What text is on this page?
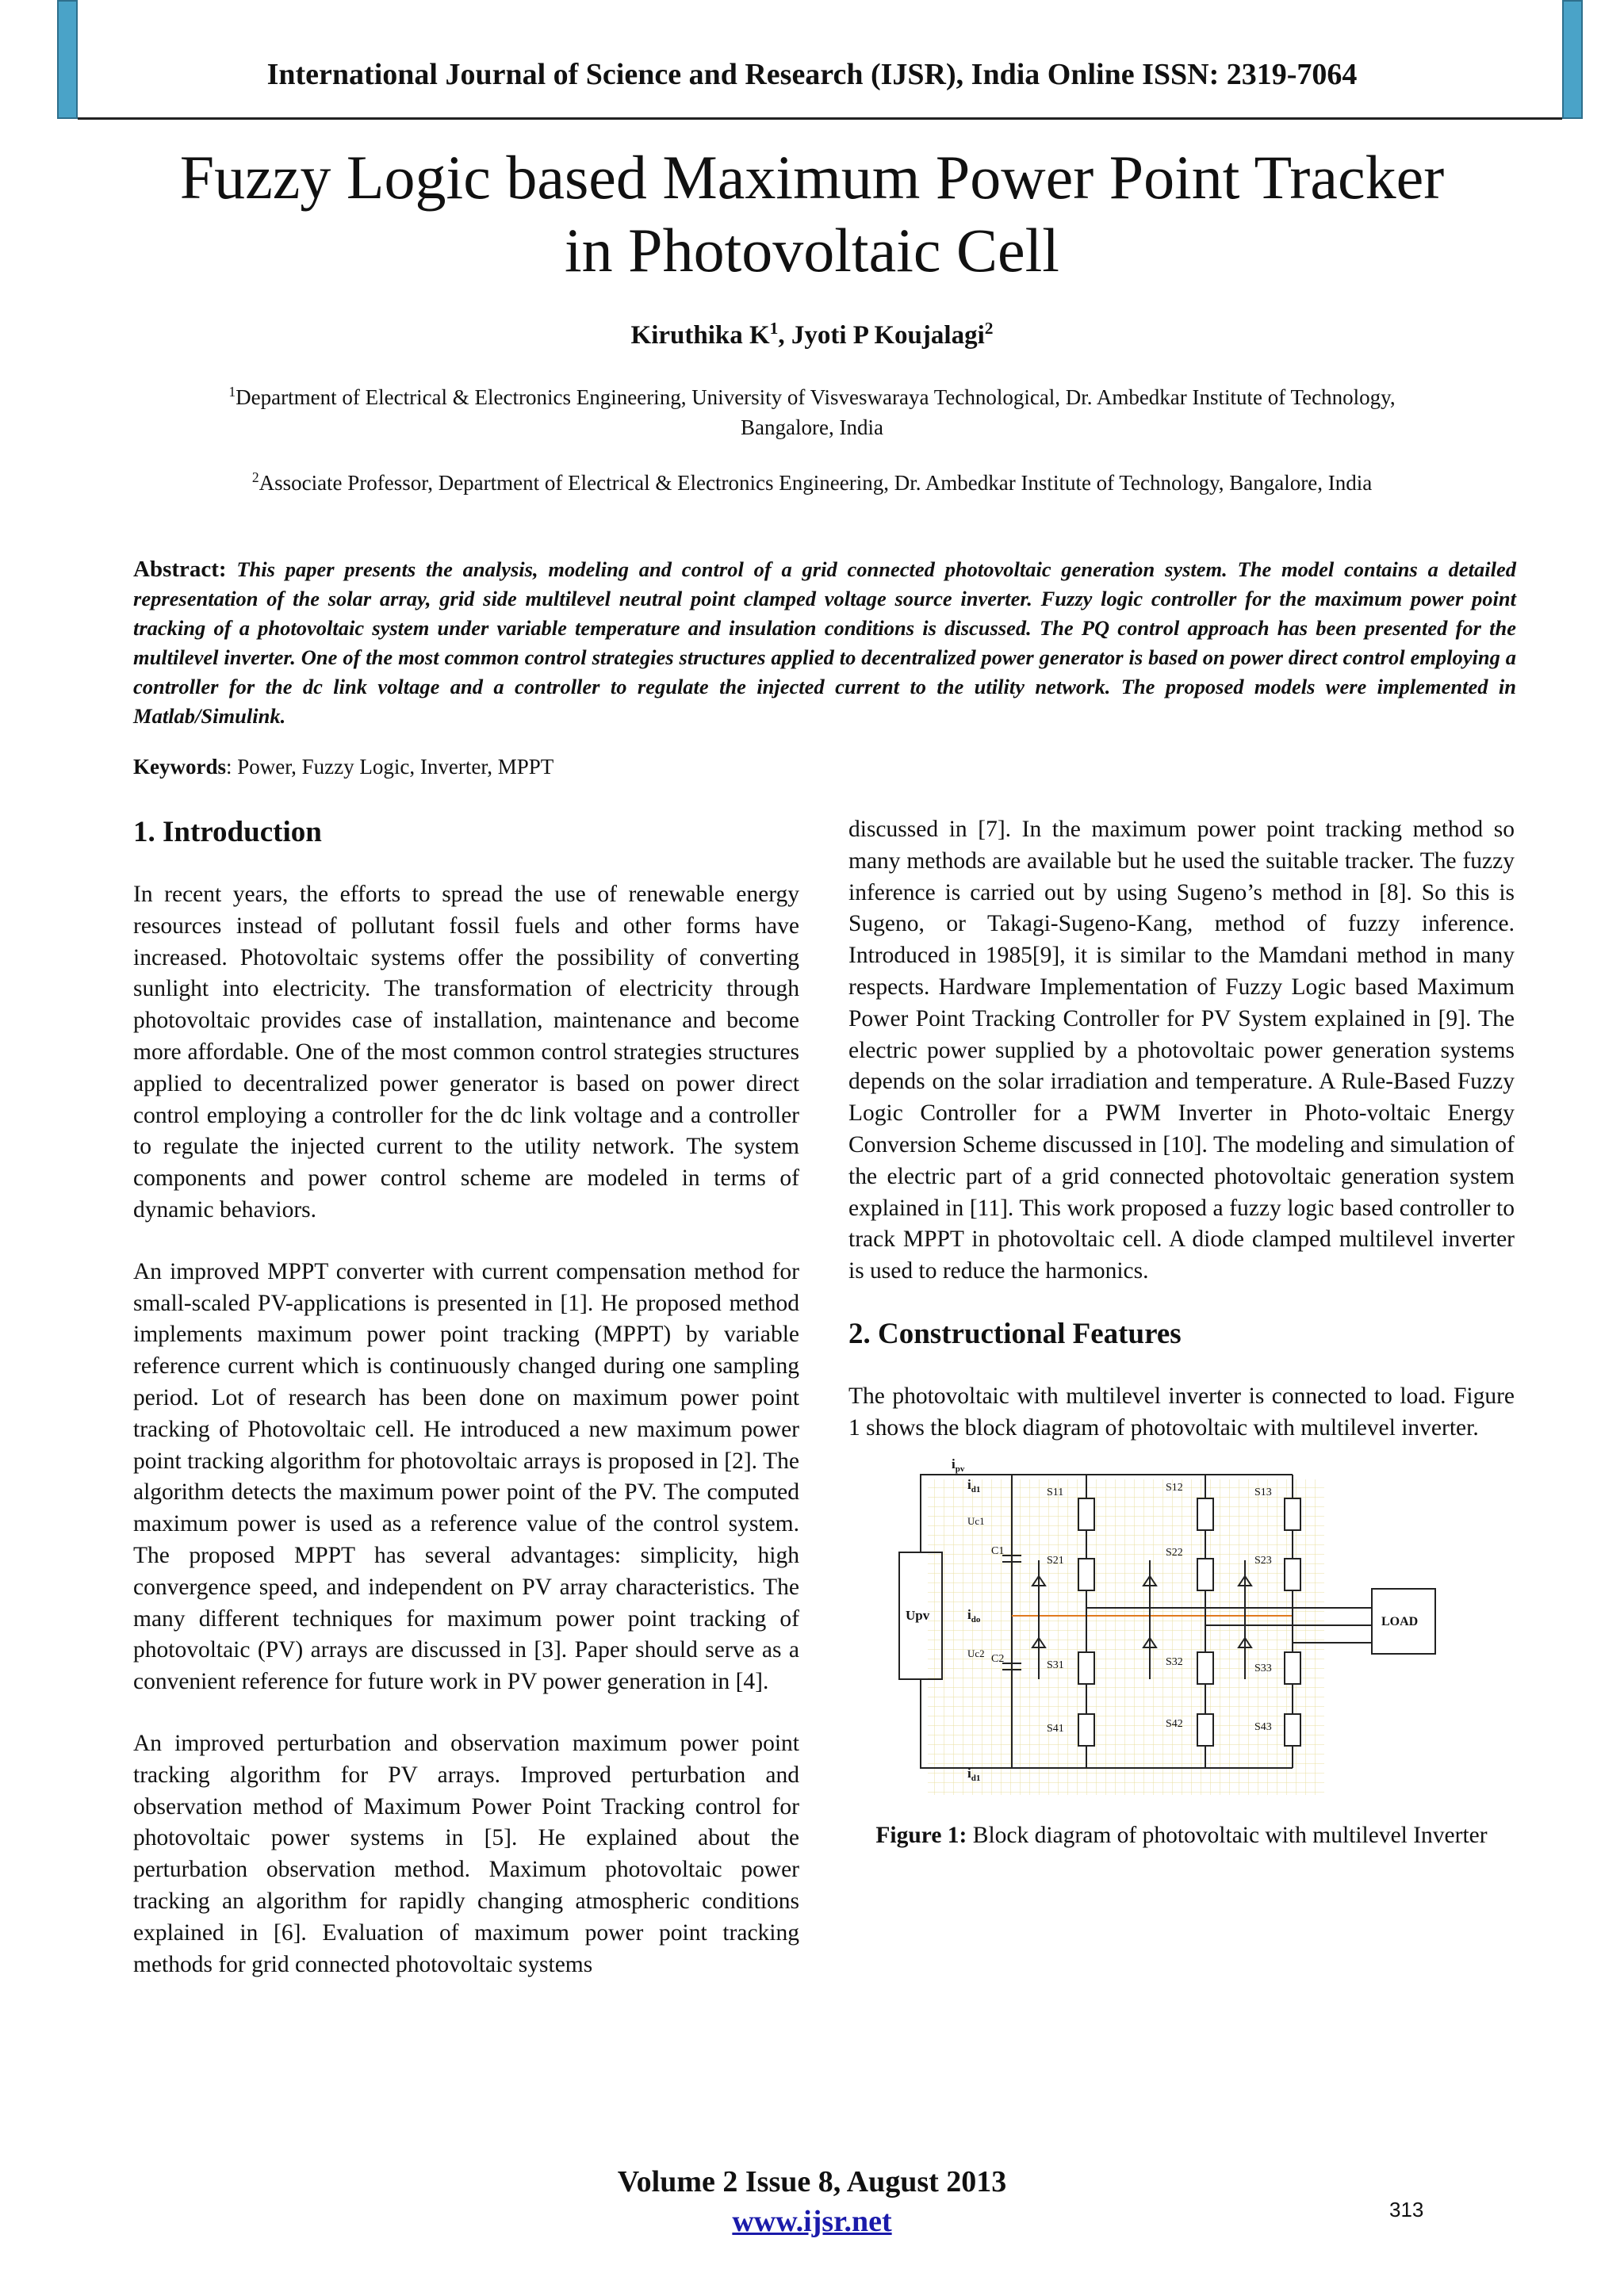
International Journal of Science and Research (IJSR), India Online ISSN: 2319-7064
Fuzzy Logic based Maximum Power Point Tracker
in Photovoltaic Cell
Kiruthika $K^1$, Jyoti P Koujalagi$^2$
$^1$Department of Electrical & Electronics Engineering, University of Visveswaraya Technological, Dr. Ambedkar Institute of Technology,
Bangalore, India
$^2$Associate Professor, Department of Electrical & Electronics Engineering, Dr. Ambedkar Institute of Technology, Bangalore, India
Abstract: This paper presents the analysis, modeling and control of a grid connected photovoltaic generation system. The model contains a detailed representation of the solar array, grid side multilevel neutral point clamped voltage source inverter. Fuzzy logic controller for the maximum power point tracking of a photovoltaic system under variable temperature and insulation conditions is discussed. The PQ control approach has been presented for the multilevel inverter. One of the most common control strategies structures applied to decentralized power generator is based on power direct control employing a controller for the dc link voltage and a controller to regulate the injected current to the utility network. The proposed models were implemented in Matlab/Simulink.
Keywords: Power, Fuzzy Logic, Inverter, MPPT
1. Introduction

In recent years, the efforts to spread the use of renewable energy resources instead of pollutant fossil fuels and other forms have increased. Photovoltaic systems offer the possibility of converting sunlight into electricity. The transformation of electricity through photovoltaic provides case of installation, maintenance and become more affordable. One of the most common control strategies structures applied to decentralized power generator is based on power direct control employing a controller for the dc link voltage and a controller to regulate the injected current to the utility network. The system components and power control scheme are modeled in terms of dynamic behaviors.

An improved MPPT converter with current compensation method for small-scaled PV-applications is presented in [1]. He proposed method implements maximum power point tracking (MPPT) by variable reference current which is continuously changed during one sampling period. Lot of research has been done on maximum power point tracking of Photovoltaic cell. He introduced a new maximum power point tracking algorithm for photovoltaic arrays is proposed in [2]. The algorithm detects the maximum power point of the PV. The computed maximum power is used as a reference value of the control system. The proposed MPPT has several advantages: simplicity, high convergence speed, and independent on PV array characteristics. The many different techniques for maximum power point tracking of photovoltaic (PV) arrays are discussed in [3]. Paper should serve as a convenient reference for future work in PV power generation in [4].

An improved perturbation and observation maximum power point tracking algorithm for PV arrays. Improved perturbation and observation method of Maximum Power Point Tracking control for photovoltaic power systems in [5]. He explained about the perturbation observation method. Maximum photovoltaic power tracking an algorithm for rapidly changing atmospheric conditions explained in [6]. Evaluation of maximum power point tracking methods for grid connected photovoltaic systems

discussed in [7]. In the maximum power point tracking method so many methods are available but he used the suitable tracker. The fuzzy inference is carried out by using Sugeno’s method in [8]. So this is Sugeno, or Takagi-Sugeno-Kang, method of fuzzy inference. Introduced in 1985[9], it is similar to the Mamdani method in many respects. Hardware Implementation of Fuzzy Logic based Maximum Power Point Tracking Controller for PV System explained in [9]. The electric power supplied by a photovoltaic power generation systems depends on the solar irradiation and temperature. A Rule-Based Fuzzy Logic Controller for a PWM Inverter in Photo-voltaic Energy Conversion Scheme discussed in [10]. The modeling and simulation of the electric part of a grid connected photovoltaic generation system explained in [11]. This work proposed a fuzzy logic based controller to track MPPT in photovoltaic cell. A diode clamped multilevel inverter is used to reduce the harmonics.

2. Constructional Features

The photovoltaic with multilevel inverter is connected to load. Figure 1 shows the block diagram of photovoltaic with multilevel inverter.

$i_{pv}$
Upv
$i_{d1}$
Uc1
C1
$i_{do}$
Uc2 C2
$i_{d1}$
LOAD
S11	S12	S13
S21
S22
S23
S31	S32
S33
S41	S42	S43
Figure 1: Block diagram of photovoltaic with multilevel Inverter
Volume 2 Issue 8, August 2013
www.ijsr.net	313
